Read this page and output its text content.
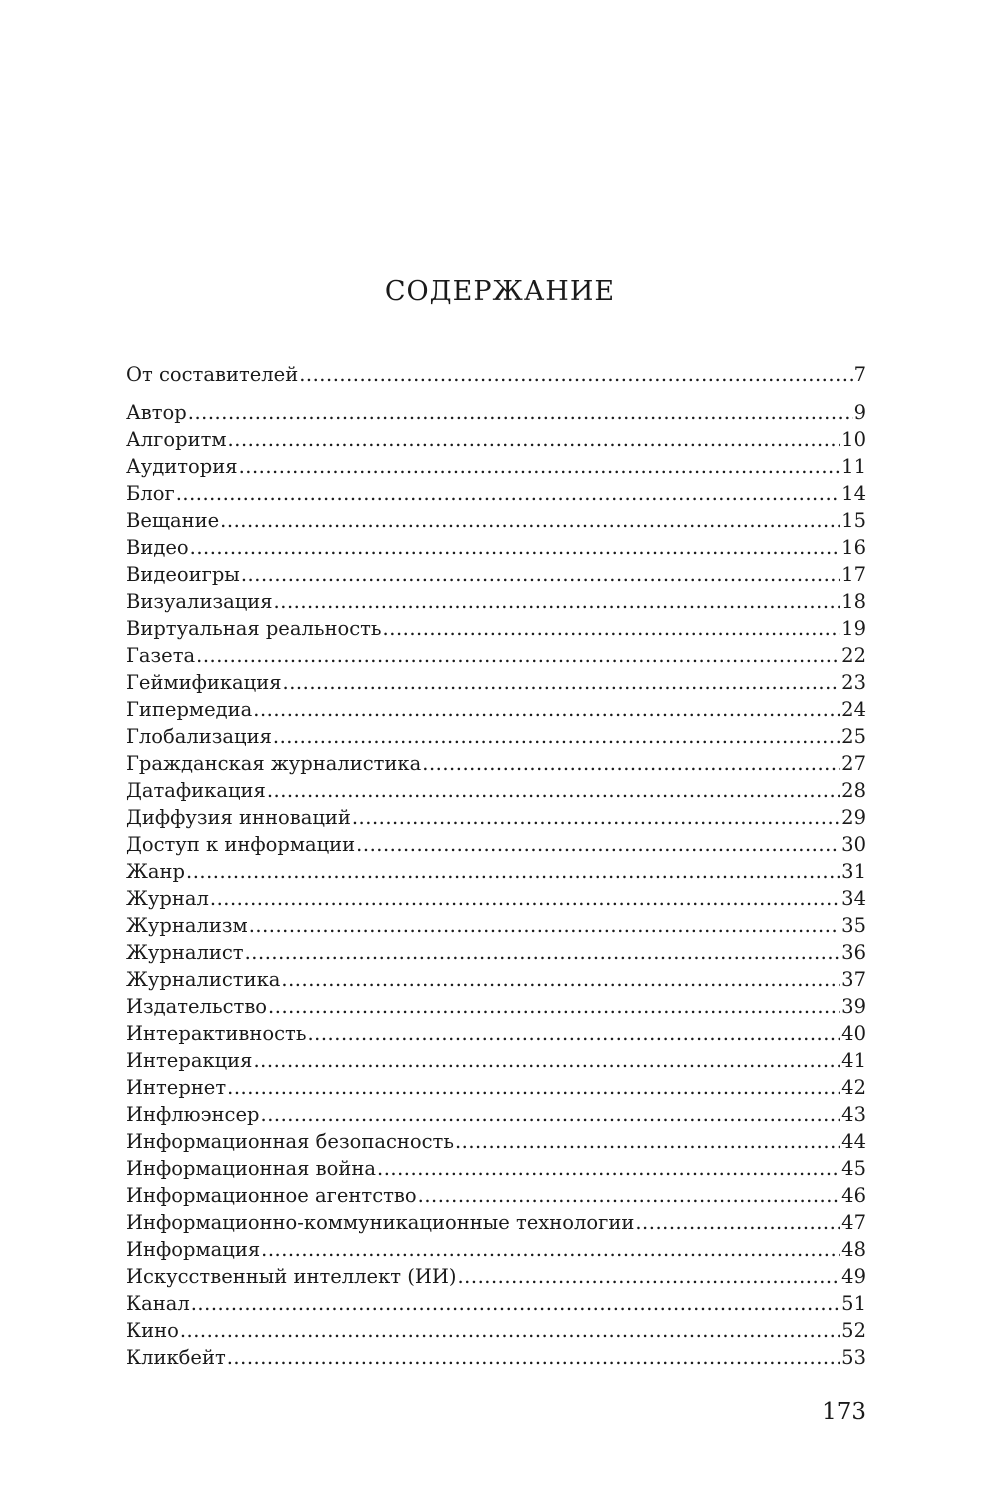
СОДЕРЖАНИЕ
От составителей .....	7
Автор .....	9
Алгоритм .....	10
Аудитория .....	11
Блог .....	14
Вещание .....	15
Видео .....	16
Видеоигры .....	17
Визуализация .....	18
Виртуальная реальность .....	19
Газета .....	22
Геймификация .....	23
Гипермедиа .....	24
Глобализация .....	25
Гражданская журналистика .....	27
Датафикация .....	28
Диффузия инноваций .....	29
Доступ к информации .....	30
Жанр .....	31
Журнал .....	34
Журнализм .....	35
Журналист .....	36
Журналистика .....	37
Издательство .....	39
Интерактивность .....	40
Интеракция .....	41
Интернет .....	42
Инфлюэнсер .....	43
Информационная безопасность .....	44
Информационная война .....	45
Информационное агентство .....	46
Информационно-коммуникационные технологии .....	47
Информация .....	48
Искусственный интеллект (ИИ) .....	49
Канал .....	51
Кино .....	52
Кликбейт .....	53
173
